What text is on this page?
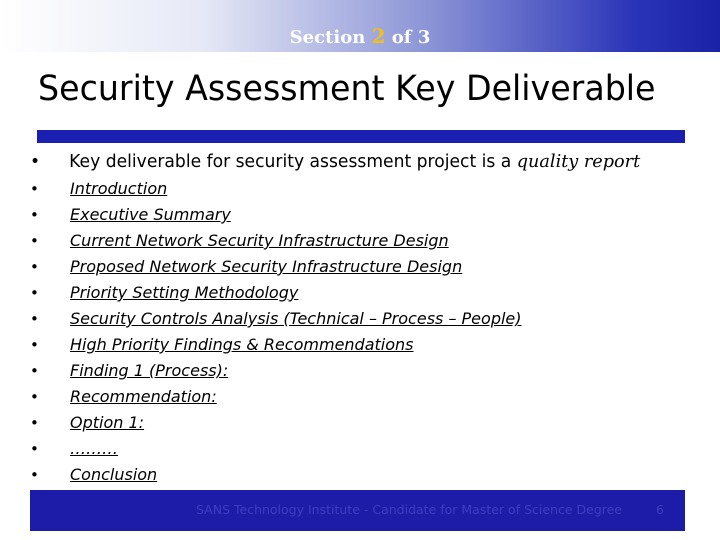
Section 2 of 3
Security Assessment Key Deliverable
• Key deliverable for security assessment project is a quality report
• Introduction
• Executive Summary
• Current Network Security Infrastructure Design
• Proposed Network Security Infrastructure Design
• Priority Setting Methodology
• Security Controls Analysis (Technical – Process – People)
• High Priority Findings & Recommendations
• Finding 1 (Process):
• Recommendation:
• Option 1:
• ………
• Conclusion
SANS Technology Institute - Candidate for Master of Science Degree	6
